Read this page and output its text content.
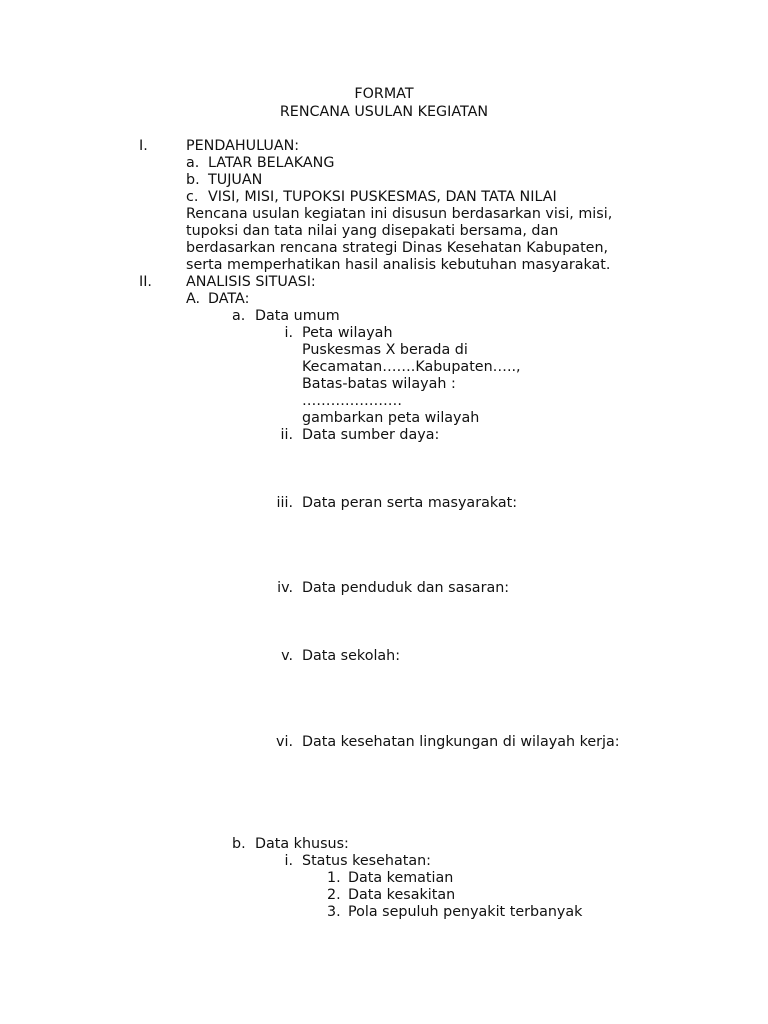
FORMAT
RENCANA USULAN KEGIATAN
I.	PENDAHULUAN:
a. LATAR BELAKANG
b. TUJUAN
c. VISI, MISI, TUPOKSI PUSKESMAS, DAN TATA NILAI
Rencana usulan kegiatan ini disusun berdasarkan visi, misi,
tupoksi dan tata nilai yang disepakati bersama, dan
berdasarkan rencana strategi Dinas Kesehatan Kabupaten,
serta memperhatikan hasil analisis kebutuhan masyarakat.
II. ANALISIS SITUASI:
A. DATA:
a. Data umum
i. Peta wilayah
Puskesmas X berada di
Kecamatan…….Kabupaten…..,
Batas-batas wilayah :
…………………
gambarkan peta wilayah
ii. Data sumber daya:
iii. Data peran serta masyarakat:
iv. Data penduduk dan sasaran:
v. Data sekolah:
vi. Data kesehatan lingkungan di wilayah kerja:
b. Data khusus:
i. Status kesehatan:
1. Data kematian
2. Data kesakitan
3. Pola sepuluh penyakit terbanyak
